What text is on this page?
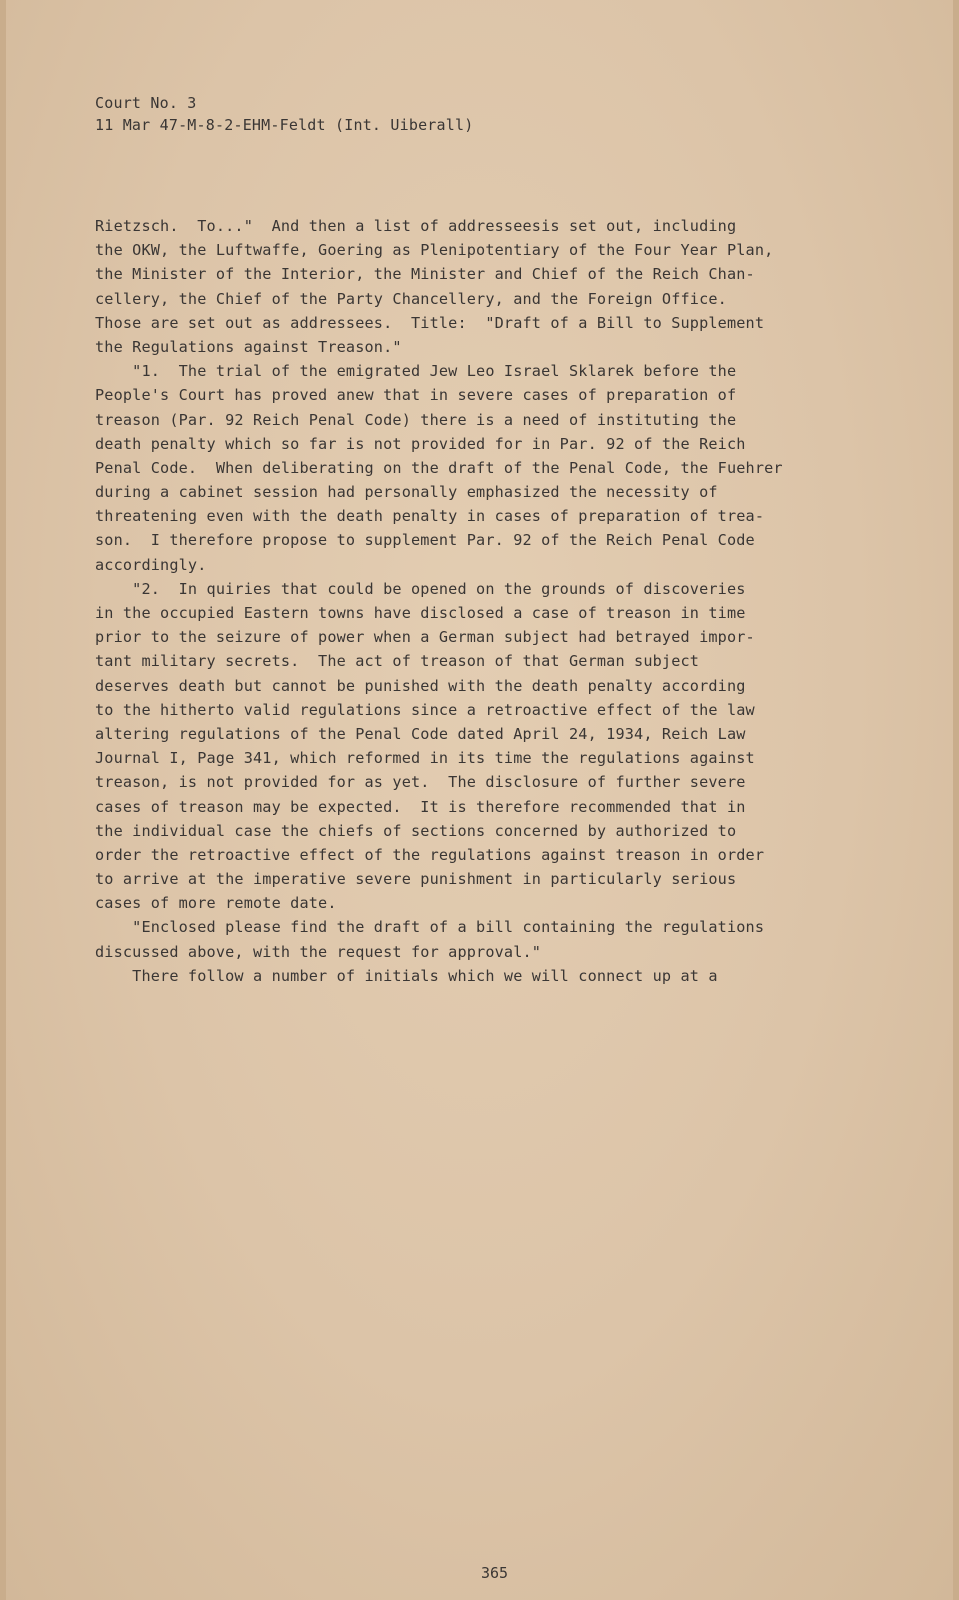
Court No. 3
11 Mar 47-M-8-2-EHM-Feldt (Int. Uiberall)
Rietzsch.  To..."  And then a list of addresseesis set out, including
the OKW, the Luftwaffe, Goering as Plenipotentiary of the Four Year Plan,
the Minister of the Interior, the Minister and Chief of the Reich Chan-
cellery, the Chief of the Party Chancellery, and the Foreign Office.
Those are set out as addressees.  Title:  "Draft of a Bill to Supplement
the Regulations against Treason."
"1.  The trial of the emigrated Jew Leo Israel Sklarek before the
People's Court has proved anew that in severe cases of preparation of
treason (Par. 92 Reich Penal Code) there is a need of instituting the
death penalty which so far is not provided for in Par. 92 of the Reich
Penal Code.  When deliberating on the draft of the Penal Code, the Fuehrer
during a cabinet session had personally emphasized the necessity of
threatening even with the death penalty in cases of preparation of trea-
son.  I therefore propose to supplement Par. 92 of the Reich Penal Code
accordingly.
"2.  In quiries that could be opened on the grounds of discoveries
in the occupied Eastern towns have disclosed a case of treason in time
prior to the seizure of power when a German subject had betrayed impor-
tant military secrets.  The act of treason of that German subject
deserves death but cannot be punished with the death penalty according
to the hitherto valid regulations since a retroactive effect of the law
altering regulations of the Penal Code dated April 24, 1934, Reich Law
Journal I, Page 341, which reformed in its time the regulations against
treason, is not provided for as yet.  The disclosure of further severe
cases of treason may be expected.  It is therefore recommended that in
the individual case the chiefs of sections concerned by authorized to
order the retroactive effect of the regulations against treason in order
to arrive at the imperative severe punishment in particularly serious
cases of more remote date.
"Enclosed please find the draft of a bill containing the regulations
discussed above, with the request for approval."
There follow a number of initials which we will connect up at a
365
